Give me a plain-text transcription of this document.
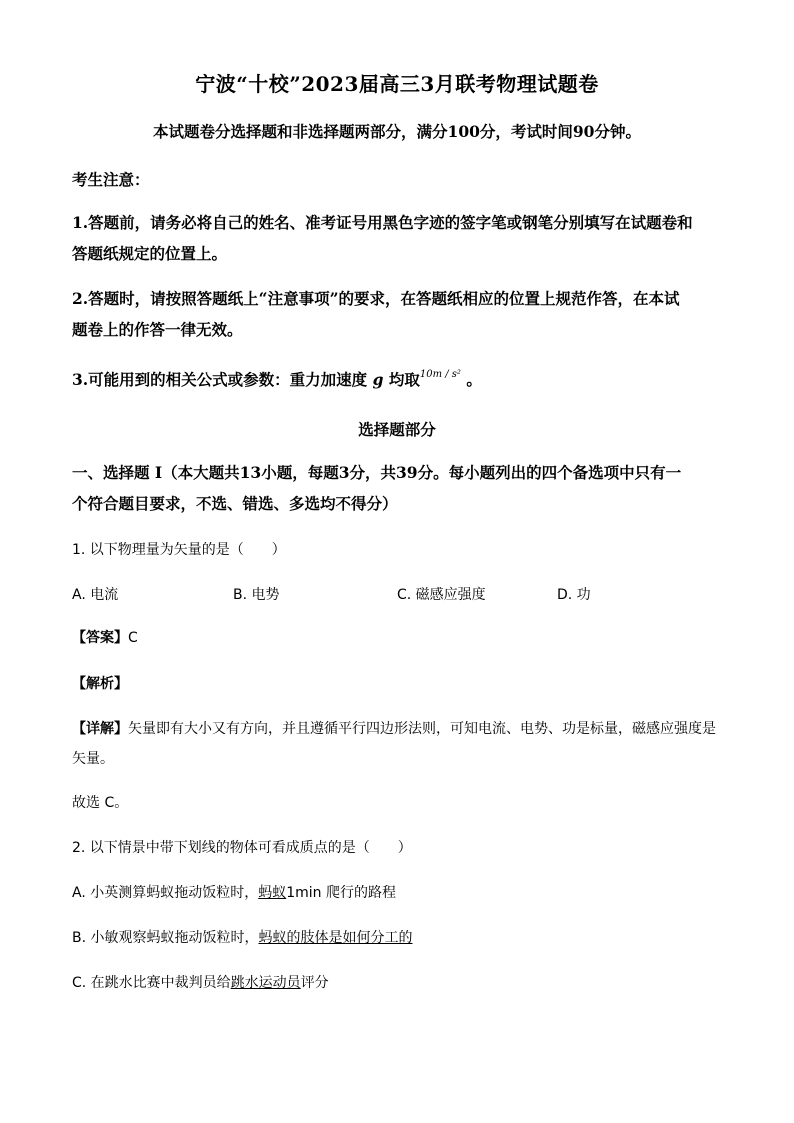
宁波“十校”2023届高三3月联考物理试题卷
本试题卷分选择题和非选择题两部分，满分100分，考试时间90分钟。
考生注意：
1.答题前，请务必将自己的姓名、准考证号用黑色字迹的签字笔或钢笔分别填写在试题卷和
答题纸规定的位置上。
2.答题时，请按照答题纸上“注意事项”的要求，在答题纸相应的位置上规范作答，在本试
题卷上的作答一律无效。
3.可能用到的相关公式或参数：重力加速度 g 均取$^{10m / s^2}$ 。
选择题部分
一、选择题 I（本大题共13小题，每题3分，共39分。每小题列出的四个备选项中只有一
个符合题目要求，不选、错选、多选均不得分）
1. 以下物理量为矢量的是（　　）
A. 电流	B. 电势	C. 磁感应强度	D. 功
【答案】C
【解析】
【详解】矢量即有大小又有方向，并且遵循平行四边形法则，可知电流、电势、功是标量，磁感应强度是
矢量。
故选 C。
2. 以下情景中带下划线的物体可看成质点的是（　　）
A. 小英测算蚂蚁拖动饭粒时，蚂蚁1min 爬行的路程
B. 小敏观察蚂蚁拖动饭粒时，蚂蚁的肢体是如何分工的
C. 在跳水比赛中裁判员给跳水运动员评分
